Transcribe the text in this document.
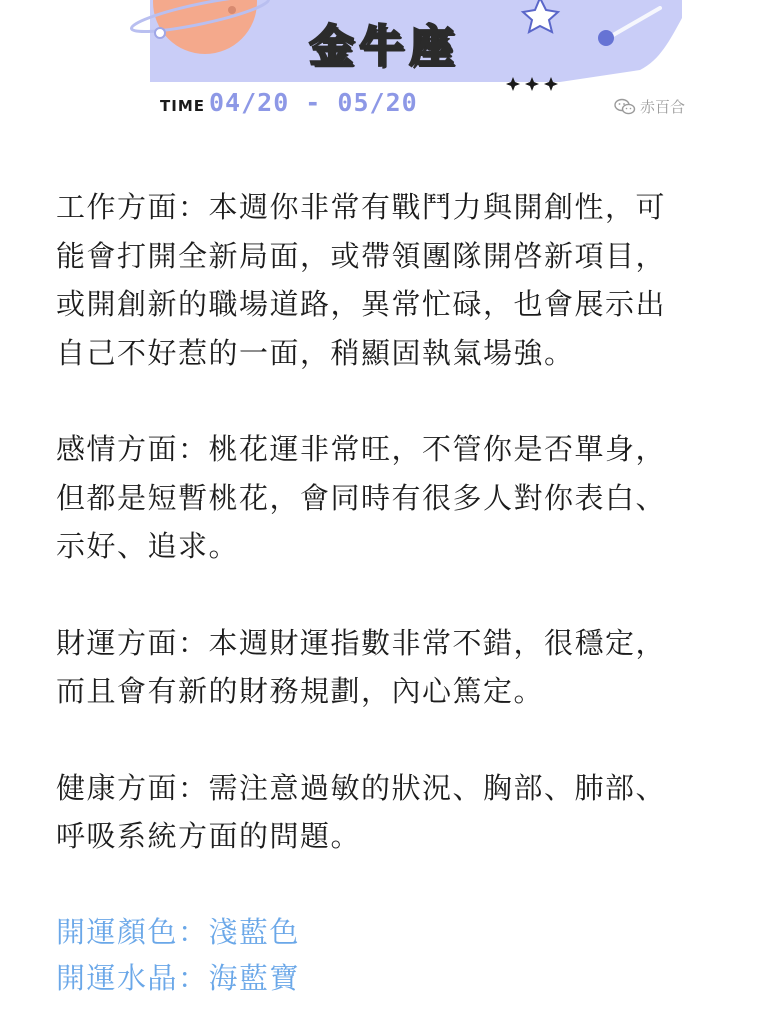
金牛座
TIME 04/20 - 05/20	赤百合

工作方面：本週你非常有戰鬥力與開創性，可
能會打開全新局面，或帶領團隊開啓新項目，
或開創新的職場道路，異常忙碌，也會展示出
自己不好惹的一面，稍顯固執氣場強。

感情方面：桃花運非常旺，不管你是否單身，
但都是短暫桃花，會同時有很多人對你表白、
示好、追求。

財運方面：本週財運指數非常不錯，很穩定，
而且會有新的財務規劃，內心篤定。

健康方面：需注意過敏的狀況、胸部、肺部、
呼吸系統方面的問題。

開運顏色：淺藍色
開運水晶：海藍寶
